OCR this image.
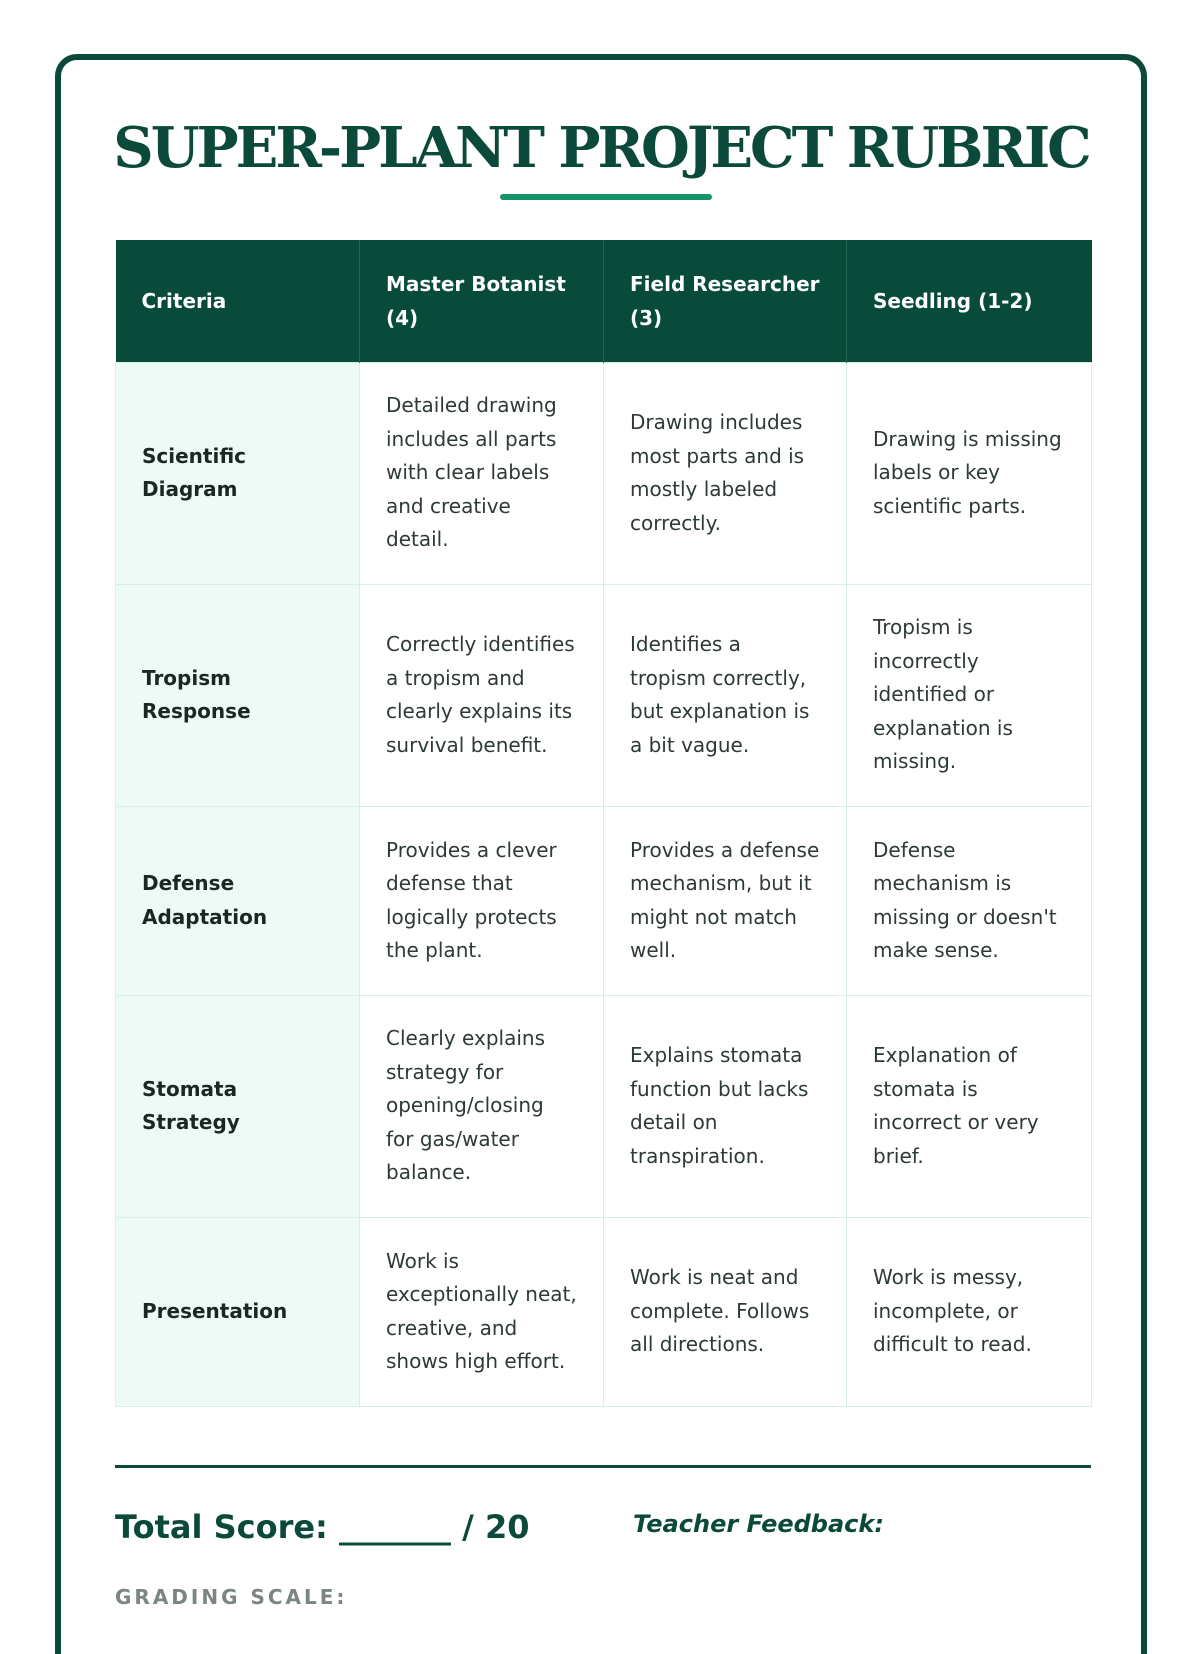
SUPER-PLANT PROJECT RUBRIC
Criteria	Master Botanist (4)	Field Researcher (3)	Seedling (1-2)
Scientific Diagram	Detailed drawing includes all parts with clear labels and creative detail.	Drawing includes most parts and is mostly labeled correctly.	Drawing is missing labels or key scientific parts.
Tropism Response	Correctly identifies a tropism and clearly explains its survival benefit.	Identifies a tropism correctly, but explanation is a bit vague.	Tropism is incorrectly identified or explanation is missing.
Defense Adaptation	Provides a clever defense that logically protects the plant.	Provides a defense mechanism, but it might not match well.	Defense mechanism is missing or doesn't make sense.
Stomata Strategy	Clearly explains strategy for opening/closing for gas/water balance.	Explains stomata function but lacks detail on transpiration.	Explanation of stomata is incorrect or very brief.
Presentation	Work is exceptionally neat, creative, and shows high effort.	Work is neat and complete. Follows all directions.	Work is messy, incomplete, or difficult to read.
Total Score: _______ / 20	Teacher Feedback:
GRADING SCALE:
